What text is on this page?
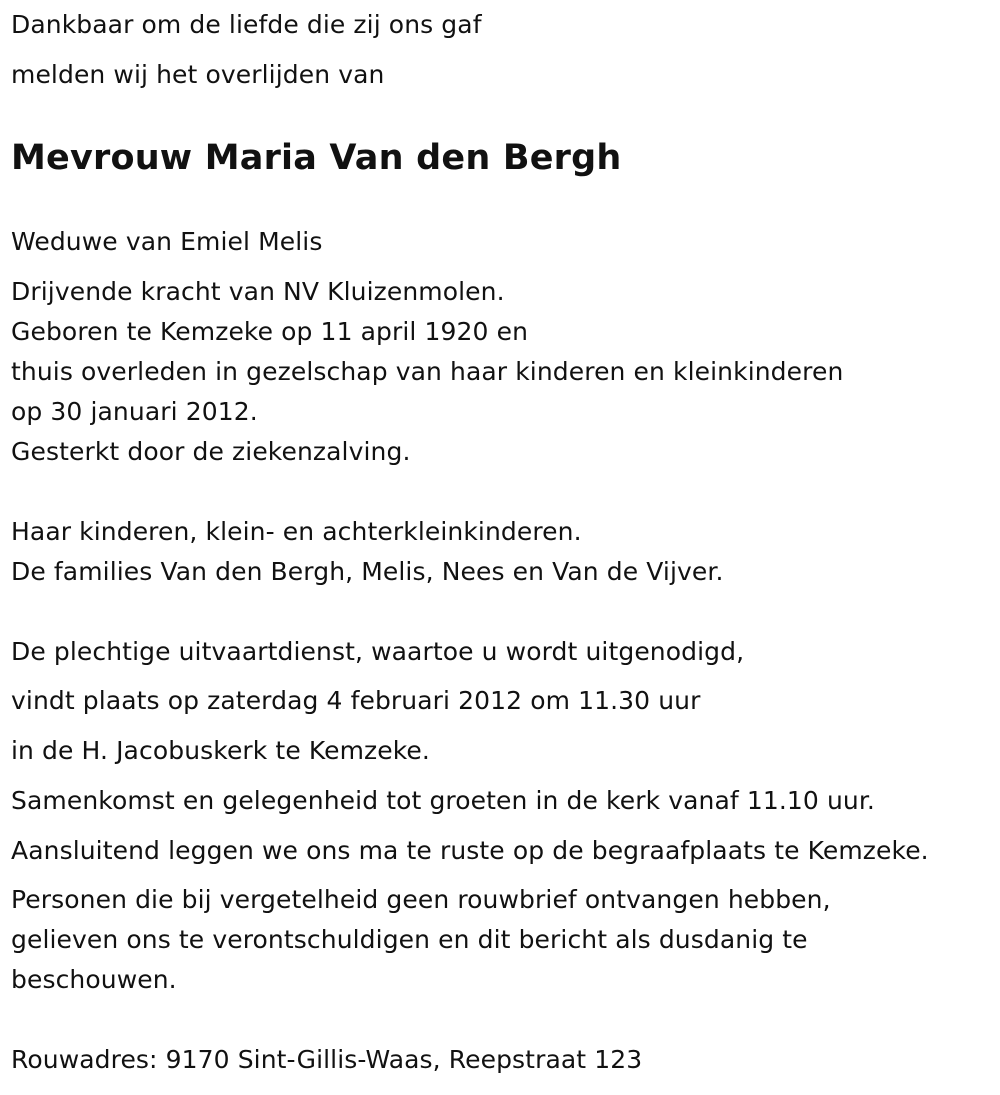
Dankbaar om de liefde die zij ons gaf
melden wij het overlijden van
Mevrouw Maria Van den Bergh
Weduwe van Emiel Melis
Drijvende kracht van NV Kluizenmolen.
Geboren te Kemzeke op 11 april 1920 en
thuis overleden in gezelschap van haar kinderen en kleinkinderen
op 30 januari 2012.
Gesterkt door de ziekenzalving.
Haar kinderen, klein- en achterkleinkinderen.
De families Van den Bergh, Melis, Nees en Van de Vijver.
De plechtige uitvaartdienst, waartoe u wordt uitgenodigd,
vindt plaats op zaterdag 4 februari 2012 om 11.30 uur
in de H. Jacobuskerk te Kemzeke.
Samenkomst en gelegenheid tot groeten in de kerk vanaf 11.10 uur.
Aansluitend leggen we ons ma te ruste op de begraafplaats te Kemzeke.
Personen die bij vergetelheid geen rouwbrief ontvangen hebben,
gelieven ons te verontschuldigen en dit bericht als dusdanig te
beschouwen.
Rouwadres: 9170 Sint-Gillis-Waas, Reepstraat 123
